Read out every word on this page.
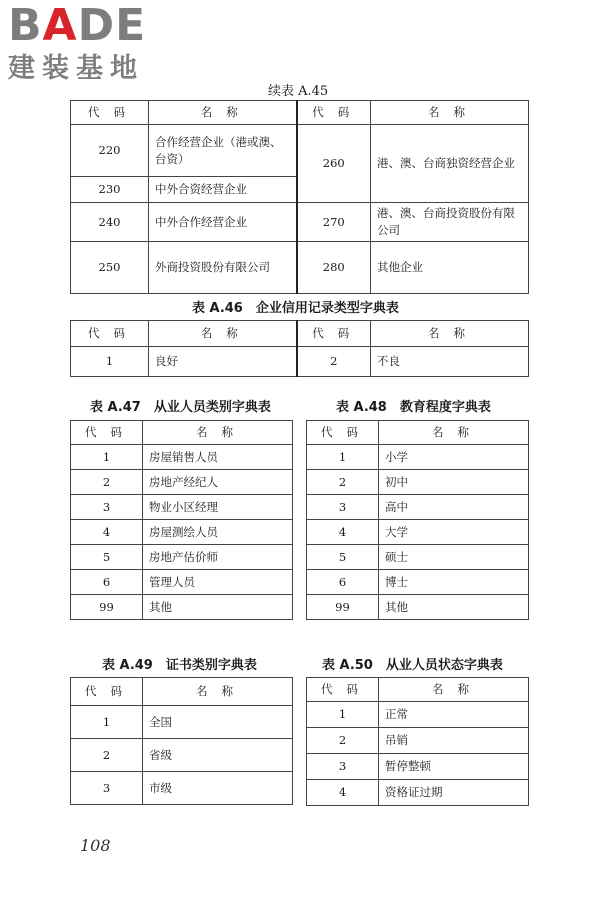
BADE
建装基地
续表 A.45
代码	名称	代码	名称
220	合作经营企业（港或澳、台资）	260	港、澳、台商独资经营企业
230	中外合资经营企业		
240	中外合作经营企业	270	港、澳、台商投资股份有限公司
250	外商投资股份有限公司	280	其他企业
表 A.46　企业信用记录类型字典表
代码	名称	代码	名称
1	良好	2	不良
表 A.47　从业人员类别字典表
代码	名称
1	房屋销售人员
2	房地产经纪人
3	物业小区经理
4	房屋测绘人员
5	房地产估价师
6	管理人员
99	其他
表 A.48　教育程度字典表
代码	名称
1	小学
2	初中
3	高中
4	大学
5	硕士
6	博士
99	其他
表 A.49　证书类别字典表
代码	名称
1	全国
2	省级
3	市级
表 A.50　从业人员状态字典表
代码	名称
1	正常
2	吊销
3	暂停整顿
4	资格证过期
108
